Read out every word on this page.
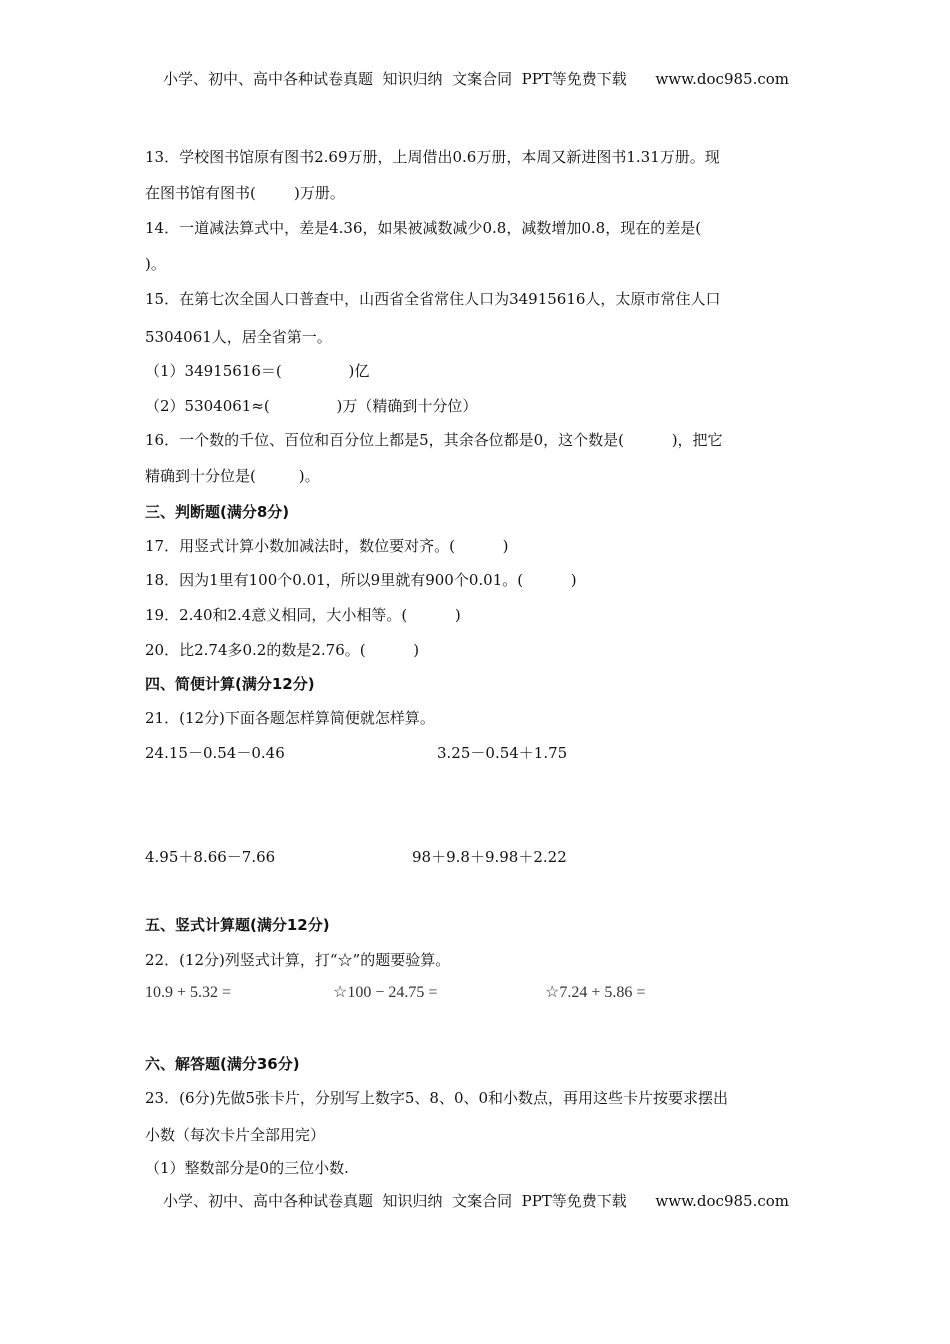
小学、初中、高中各种试卷真题  知识归纳  文案合同  PPT等免费下载      www.doc985.com
13．学校图书馆原有图书2.69万册，上周借出0.6万册，本周又新进图书1.31万册。现
在图书馆有图书(        )万册。
14．一道减法算式中，差是4.36，如果被减数减少0.8，减数增加0.8，现在的差是(
)。
15．在第七次全国人口普查中，山西省全省常住人口为34915616人，太原市常住人口
5304061人，居全省第一。
（1）34915616＝(              )亿
（2）5304061≈(              )万（精确到十分位）
16．一个数的千位、百位和百分位上都是5，其余各位都是0，这个数是(          )，把它
精确到十分位是(         )。
三、判断题(满分8分)
17．用竖式计算小数加减法时，数位要对齐。(          )
18．因为1里有100个0.01，所以9里就有900个0.01。(          )
19．2.40和2.4意义相同，大小相等。(          )
20．比2.74多0.2的数是2.76。(          )
四、简便计算(满分12分)
21．(12分)下面各题怎样算简便就怎样算。
24.15－0.54－0.46	3.25－0.54＋1.75
4.95＋8.66－7.66	98＋9.8＋9.98＋2.22
五、竖式计算题(满分12分)
22．(12分)列竖式计算，打“☆”的题要验算。
10.9 + 5.32 =	☆100 − 24.75 =	☆7.24 + 5.86 =
六、解答题(满分36分)
23．(6分)先做5张卡片，分别写上数字5、8、0、0和小数点，再用这些卡片按要求摆出
小数（每次卡片全部用完）
（1）整数部分是0的三位小数.
小学、初中、高中各种试卷真题  知识归纳  文案合同  PPT等免费下载      www.doc985.com
